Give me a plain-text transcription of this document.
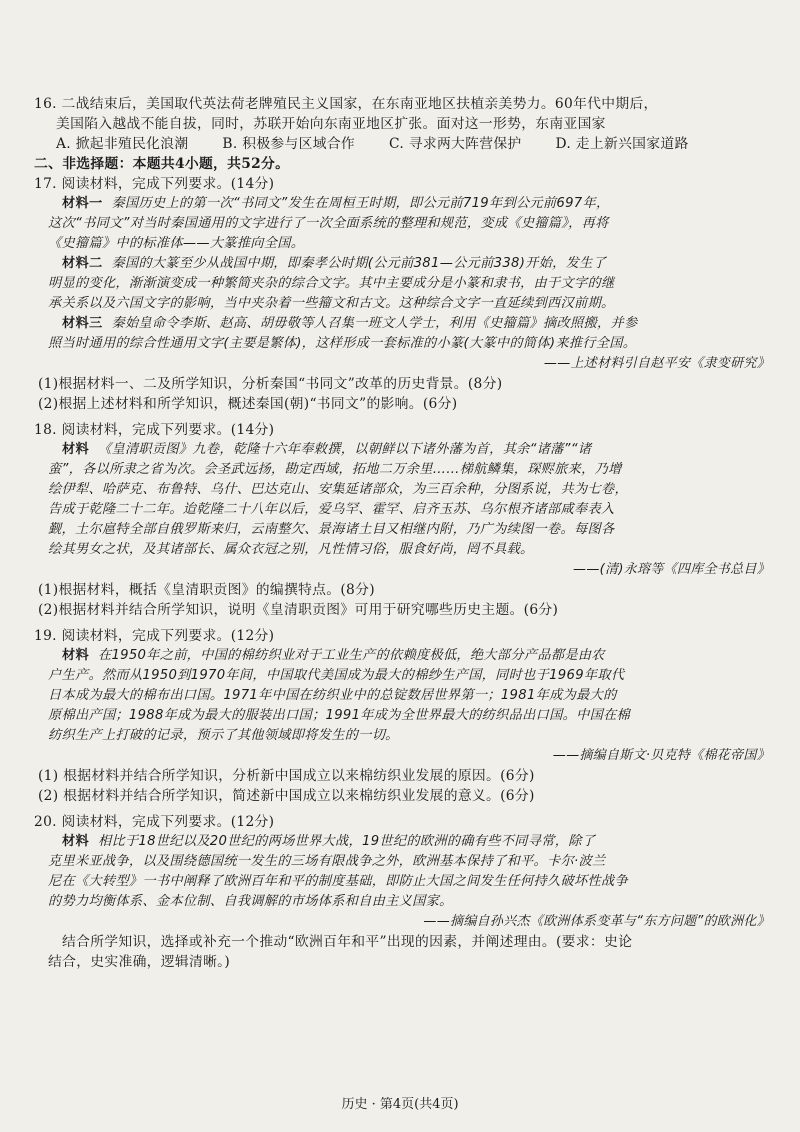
16. 二战结束后，美国取代英法荷老牌殖民主义国家，在东南亚地区扶植亲美势力。60年代中期后，
美国陷入越战不能自拔，同时，苏联开始向东南亚地区扩张。面对这一形势，东南亚国家
A. 掀起非殖民化浪潮 B. 积极参与区域合作 C. 寻求两大阵营保护 D. 走上新兴国家道路
二、非选择题：本题共4小题，共52分。
17. 阅读材料，完成下列要求。(14分)
材料一 秦国历史上的第一次“书同文”发生在周桓王时期，即公元前719年到公元前697年，
这次“书同文”对当时秦国通用的文字进行了一次全面系统的整理和规范，变成《史籀篇》，再将
《史籀篇》中的标准体——大篆推向全国。
材料二 秦国的大篆至少从战国中期，即秦孝公时期(公元前381—公元前338)开始，发生了
明显的变化，渐渐演变成一种繁简夹杂的综合文字。其中主要成分是小篆和隶书，由于文字的继
承关系以及六国文字的影响，当中夹杂着一些籀文和古文。这种综合文字一直延续到西汉前期。
材料三 秦始皇命令李斯、赵高、胡毋敬等人召集一班文人学士，利用《史籀篇》摘改照搬，并参
照当时通用的综合性通用文字(主要是繁体)，这样形成一套标准的小篆(大篆中的简体)来推行全国。
——上述材料引自赵平安《隶变研究》
(1)根据材料一、二及所学知识，分析秦国“书同文”改革的历史背景。(8分)
(2)根据上述材料和所学知识，概述秦国(朝)“书同文”的影响。(6分)
18. 阅读材料，完成下列要求。(14分)
材料 《皇清职贡图》九卷，乾隆十六年奉敕撰，以朝鲜以下诸外藩为首，其余“诸藩”“诸
蛮”，各以所隶之省为次。会圣武远扬，勘定西域，拓地二万余里……梯航鳞集，琛赆旅来，乃增
绘伊犁、哈萨克、布鲁特、乌什、巴达克山、安集延诸部众，为三百余种，分图系说，共为七卷，
告成于乾隆二十二年。迨乾隆二十八年以后，爱乌罕、霍罕、启齐玉苏、乌尔根齐诸部咸奉表入
觐，土尔扈特全部自俄罗斯来归，云南整欠、景海诸土目又相继内附，乃广为续图一卷。每图各
绘其男女之状，及其诸部长、属众衣冠之别，凡性情习俗，服食好尚，罔不具载。
——(清)永瑢等《四库全书总目》
(1)根据材料，概括《皇清职贡图》的编撰特点。(8分)
(2)根据材料并结合所学知识，说明《皇清职贡图》可用于研究哪些历史主题。(6分)
19. 阅读材料，完成下列要求。(12分)
材料 在1950年之前，中国的棉纺织业对于工业生产的依赖度极低，绝大部分产品都是由农
户生产。然而从1950到1970年间，中国取代美国成为最大的棉纱生产国，同时也于1969年取代
日本成为最大的棉布出口国。1971年中国在纺织业中的总锭数居世界第一；1981年成为最大的
原棉出产国；1988年成为最大的服装出口国；1991年成为全世界最大的纺织品出口国。中国在棉
纺织生产上打破的记录，预示了其他领域即将发生的一切。
——摘编自斯文·贝克特《棉花帝国》
(1) 根据材料并结合所学知识，分析新中国成立以来棉纺织业发展的原因。(6分)
(2) 根据材料并结合所学知识，简述新中国成立以来棉纺织业发展的意义。(6分)
20. 阅读材料，完成下列要求。(12分)
材料 相比于18世纪以及20世纪的两场世界大战，19世纪的欧洲的确有些不同寻常，除了
克里米亚战争，以及围绕德国统一发生的三场有限战争之外，欧洲基本保持了和平。卡尔·波兰
尼在《大转型》一书中阐释了欧洲百年和平的制度基础，即防止大国之间发生任何持久破坏性战争
的势力均衡体系、金本位制、自我调解的市场体系和自由主义国家。
——摘编自孙兴杰《欧洲体系变革与“东方问题”的欧洲化》
结合所学知识，选择或补充一个推动“欧洲百年和平”出现的因素，并阐述理由。(要求：史论
结合，史实准确，逻辑清晰。)
历史 · 第4页(共4页)
